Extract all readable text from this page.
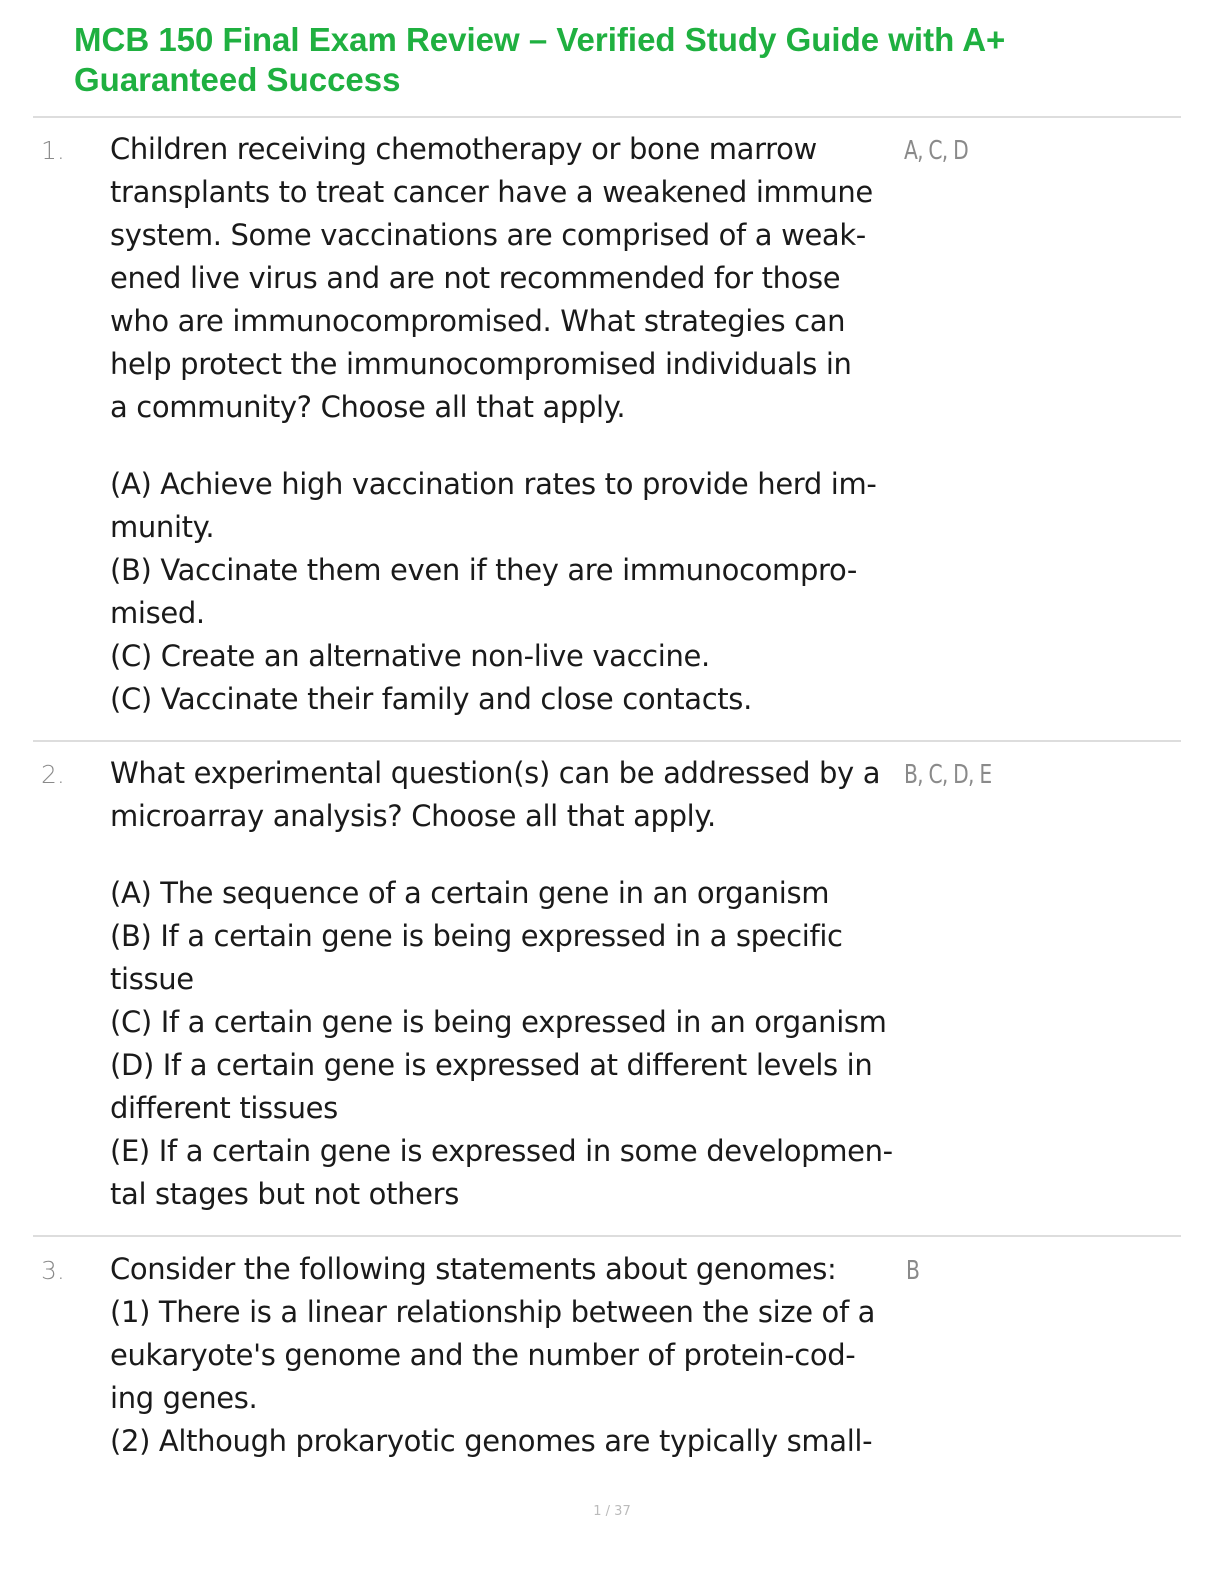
MCB 150 Final Exam Review – Verified Study Guide with A+
Guaranteed Success
1.	A, C, D
Children receiving chemotherapy or bone marrow
transplants to treat cancer have a weakened immune
system. Some vaccinations are comprised of a weak-
ened live virus and are not recommended for those
who are immunocompromised. What strategies can
help protect the immunocompromised individuals in
a community? Choose all that apply.
(A) Achieve high vaccination rates to provide herd im-
munity.
(B) Vaccinate them even if they are immunocompro-
mised.
(C) Create an alternative non-live vaccine.
(C) Vaccinate their family and close contacts.
2.	B, C, D, E
What experimental question(s) can be addressed by a
microarray analysis? Choose all that apply.
(A) The sequence of a certain gene in an organism
(B) If a certain gene is being expressed in a specific
tissue
(C) If a certain gene is being expressed in an organism
(D) If a certain gene is expressed at different levels in
different tissues
(E) If a certain gene is expressed in some developmen-
tal stages but not others
3.	B
Consider the following statements about genomes:
(1) There is a linear relationship between the size of a
eukaryote's genome and the number of protein-cod-
ing genes.
(2) Although prokaryotic genomes are typically small-
1 / 37
